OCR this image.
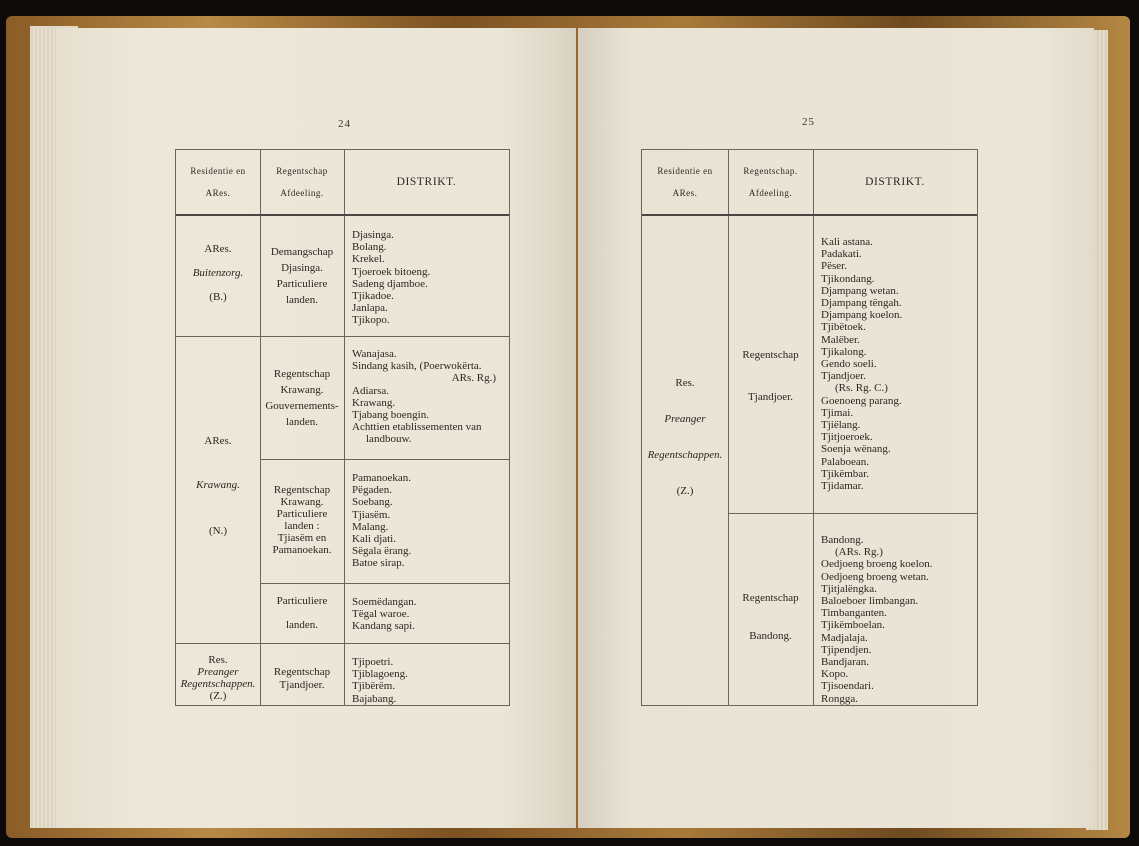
24
Residentie en
ARes.
Regentschap
Afdeeling.
DISTRIKT.
ARes.
Buitenzorg.
(B.)
Demangschap
Djasinga.
Particuliere
landen.
Djasinga.
Bolang.
Krekel.
Tjoeroek bitoeng.
Sadeng djamboe.
Tjikadoe.
Janlapa.
Tjikopo.
ARes.
Krawang.
(N.)
Regentschap
Krawang.
Gouvernements-
landen.
Wanajasa.
Sindang kasih, (Poerwokërta.
ARs. Rg.)
Adiarsa.
Krawang.
Tjabang boengin.
Achttien etablissementen van
landbouw.
Regentschap
Krawang.
Particuliere
landen :
Tjiasëm en
Pamanoekan.
Pamanoekan.
Pëgaden.
Soebang.
Tjiasëm.
Malang.
Kali djati.
Sëgala ërang.
Batoe sirap.
Particuliere
landen.
Soemëdangan.
Tëgal waroe.
Kandang sapi.
Res.
Preanger
Regentschappen.
(Z.)
Regentschap
Tjandjoer.
Tjipoetri.
Tjiblagoeng.
Tjibërëm.
Bajabang.
25
Residentie en
ARes.
Regentschap.
Afdeeling.
DISTRIKT.
Res.
Preanger
Regentschappen.
(Z.)
Regentschap
Tjandjoer.
Kali astana.
Padakati.
Pëser.
Tjikondang.
Djampang wetan.
Djampang tëngah.
Djampang koelon.
Tjibëtoek.
Malëber.
Tjikalong.
Gendo soeli.
Tjandjoer.
(Rs. Rg. C.)
Goenoeng parang.
Tjimai.
Tjiëlang.
Tjitjoeroek.
Soenja wënang.
Palaboean.
Tjikëmbar.
Tjidamar.
Regentschap
Bandong.
Bandong.
(ARs. Rg.)
Oedjoeng broeng koelon.
Oedjoeng broeng wetan.
Tjitjalëngka.
Baloeboer limbangan.
Timbanganten.
Tjikëmboelan.
Madjalaja.
Tjipendjen.
Bandjaran.
Kopo.
Tjisoendari.
Rongga.
